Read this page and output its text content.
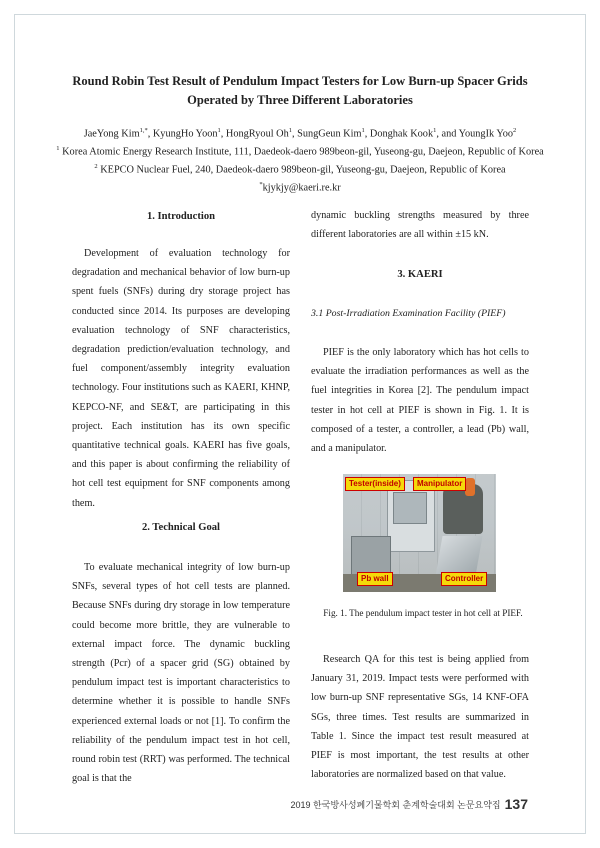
Round Robin Test Result of Pendulum Impact Testers for Low Burn-up Spacer Grids
Operated by Three Different Laboratories
JaeYong Kim$^{1,*}$, KyungHo Yoon$^1$, HongRyoul Oh$^1$, SungGeun Kim$^1$, Donghak Kook$^1$, and YoungIk Yoo$^2$
$^1$ Korea Atomic Energy Research Institute, 111, Daedeok-daero 989beon-gil, Yuseong-gu, Daejeon, Republic of Korea
$^2$ KEPCO Nuclear Fuel, 240, Daedeok-daero 989beon-gil, Yuseong-gu, Daejeon, Republic of Korea
*kjykjy@kaeri.re.kr
1. Introduction

Development of evaluation technology for degradation and mechanical behavior of low burn-up spent fuels (SNFs) during dry storage project has conducted since 2014. Its purposes are developing evaluation technology of SNF characteristics, degradation prediction/evaluation technology, and fuel component/assembly integrity evaluation technology. Four institutions such as KAERI, KHNP, KEPCO-NF, and SE&T, are participating in this project. Each institution has its own specific quantitative technical goals. KAERI has five goals, and this paper is about confirming the reliability of hot cell test equipment for SNF components among them.

2. Technical Goal

To evaluate mechanical integrity of low burn-up SNFs, several types of hot cell tests are planned. Because SNFs during dry storage in low temperature could become more brittle, they are vulnerable to external impact force. The dynamic buckling strength (Pcr) of a spacer grid (SG) obtained by pendulum impact test is important characteristics to determine whether it is possible to handle SNFs experienced external loads or not [1]. To confirm the reliability of the pendulum impact test in hot cell, round robin test (RRT) was performed. The technical goal is that the

dynamic buckling strengths measured by three different laboratories are all within ±15 kN.

3. KAERI
3.1 Post-Irradiation Examination Facility (PIEF)

PIEF is the only laboratory which has hot cells to evaluate the irradiation performances as well as the fuel integrities in Korea [2]. The pendulum impact tester in hot cell at PIEF is shown in Fig. 1. It is composed of a tester, a controller, a lead (Pb) wall, and a manipulator.

Tester(inside)	Manipulator
Pb wall	Controller
Fig. 1. The pendulum impact tester in hot cell at PIEF.

Research QA for this test is being applied from January 31, 2019. Impact tests were performed with low burn-up SNF representative SGs, 14 KNF-OFA SGs, three times. Test results are summarized in Table 1. Since the impact test result measured at PIEF is most important, the test results at other laboratories are normalized based on that value.

2019 한국방사성폐기물학회 춘계학술대회 논문요약집 137
